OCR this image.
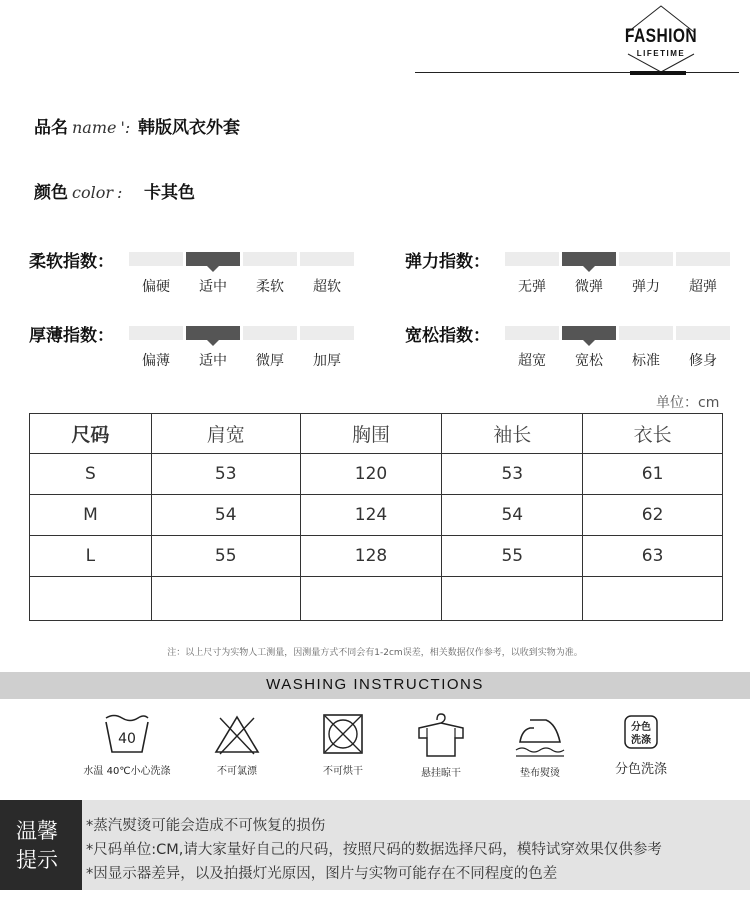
FASHION
LIFETIME
品名 name ': 韩版风衣外套
颜色 color : 卡其色
柔软指数：
偏硬	适中	柔软	超软
弹力指数：
无弹	微弹	弹力	超弹
厚薄指数：
偏薄	适中	微厚	加厚
宽松指数：
超宽	宽松	标准	修身
单位：cm
尺码	肩宽	胸围	袖长	衣长

S	53	120	53	61

M	54	124	54	62

L	55	128	55	63

注：以上尺寸为实物人工测量，因测量方式不同会有1-2cm误差，相关数据仅作参考，以收到实物为准。
WASHING INSTRUCTIONS
40
水温 40℃小心洗涤	不可氯漂	不可烘干	悬挂晾干	垫布熨烫
分色
洗涤
分色洗涤
温馨
提示
*蒸汽熨烫可能会造成不可恢复的损伤
*尺码单位:CM,请大家量好自己的尺码，按照尺码的数据选择尺码，模特试穿效果仅供参考
*因显示器差异，以及拍摄灯光原因，图片与实物可能存在不同程度的色差
